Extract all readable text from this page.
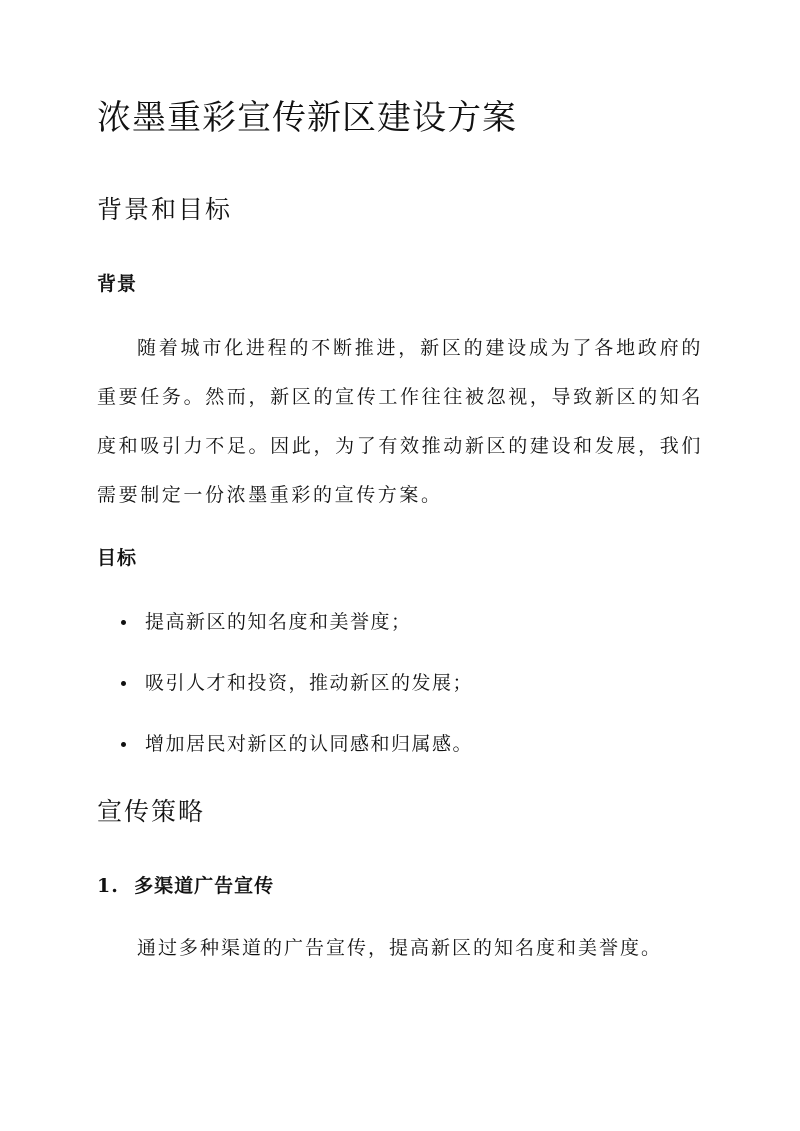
浓墨重彩宣传新区建设方案
背景和目标
背景

随着城市化进程的不断推进，新区的建设成为了各地政府的重要任务。然而，新区的宣传工作往往被忽视，导致新区的知名度和吸引力不足。因此，为了有效推动新区的建设和发展，我们需要制定一份浓墨重彩的宣传方案。

目标
提高新区的知名度和美誉度；
吸引人才和投资，推动新区的发展；
增加居民对新区的认同感和归属感。
宣传策略
1.  多渠道广告宣传

通过多种渠道的广告宣传，提高新区的知名度和美誉度。
